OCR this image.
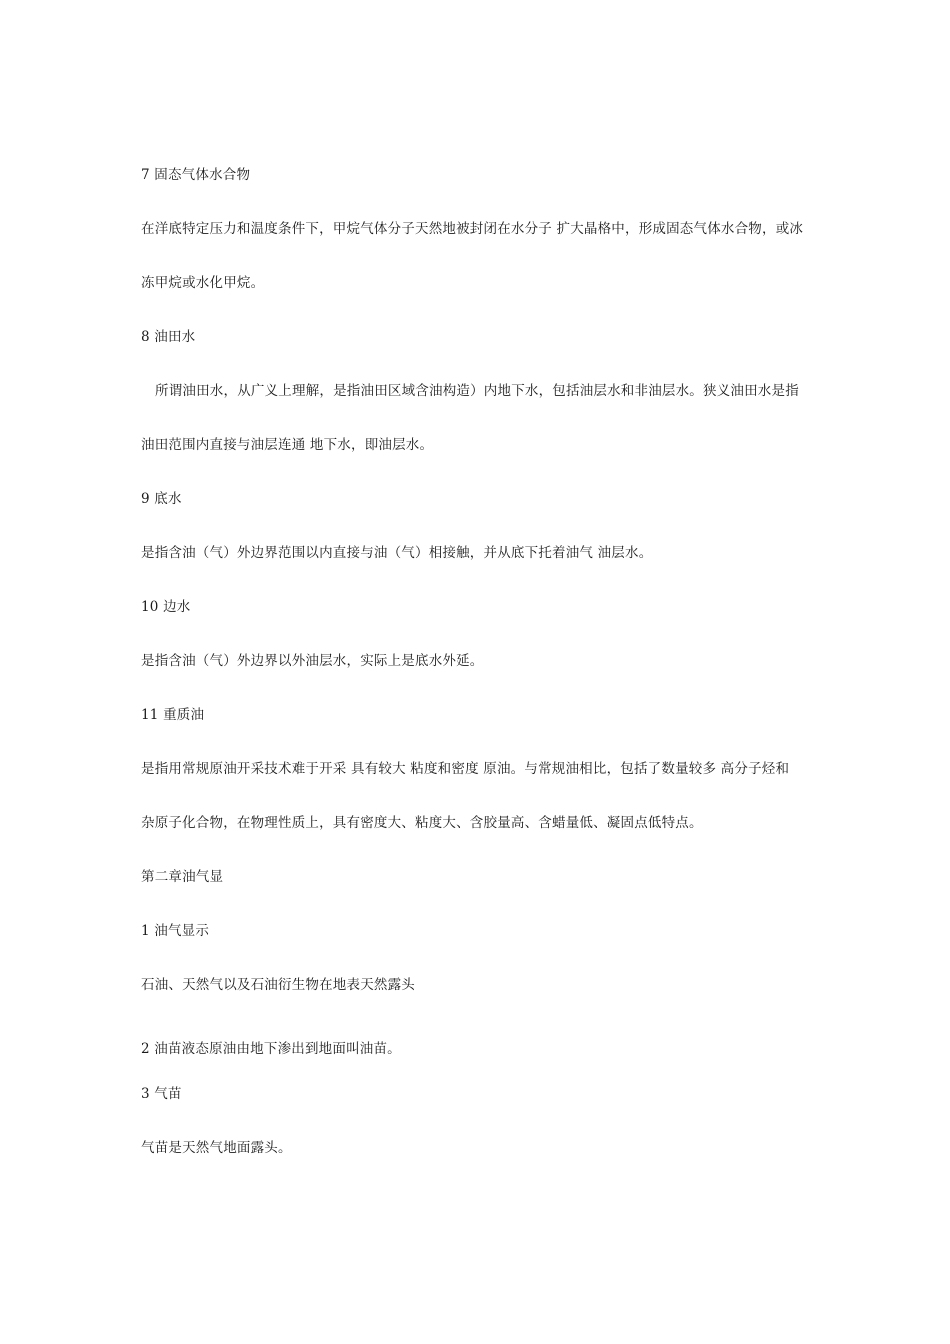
7 固态气体水合物
在洋底特定压力和温度条件下，甲烷气体分子天然地被封闭在水分子 扩大晶格中，形成固态气体水合物，或冰
冻甲烷或水化甲烷。
8 油田水
所谓油田水，从广义上理解，是指油田区域含油构造）内地下水，包括油层水和非油层水。狭义油田水是指
油田范围内直接与油层连通 地下水，即油层水。
9 底水
是指含油（气）外边界范围以内直接与油（气）相接触，并从底下托着油气 油层水。
10 边水
是指含油（气）外边界以外油层水，实际上是底水外延。
11 重质油
是指用常规原油开采技术难于开采 具有较大 粘度和密度 原油。与常规油相比，包括了数量较多 高分子烃和
杂原子化合物，在物理性质上，具有密度大、粘度大、含胶量高、含蜡量低、凝固点低特点。
第二章油气显
1 油气显示
石油、天然气以及石油衍生物在地表天然露头
2 油苗液态原油由地下渗出到地面叫油苗。
3 气苗
气苗是天然气地面露头。
